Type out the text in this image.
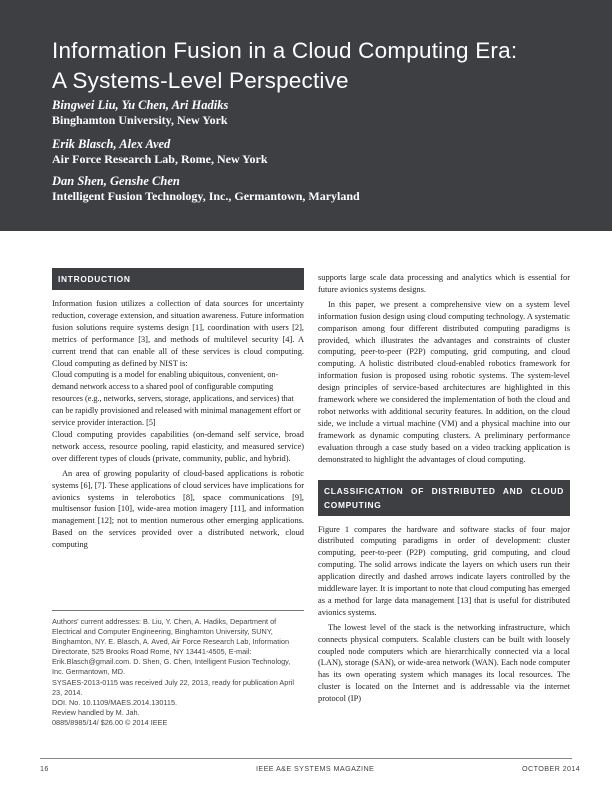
Information Fusion in a Cloud Computing Era:
A Systems-Level Perspective
Bingwei Liu, Yu Chen, Ari Hadiks
Binghamton University, New York
Erik Blasch, Alex Aved
Air Force Research Lab, Rome, New York
Dan Shen, Genshe Chen
Intelligent Fusion Technology, Inc., Germantown, Maryland
INTRODUCTION

Information fusion utilizes a collection of data sources for uncertainty reduction, coverage extension, and situation awareness. Future information fusion solutions require systems design [1], coordination with users [2], metrics of performance [3], and methods of multilevel security [4]. A current trend that can enable all of these services is cloud computing. Cloud computing as defined by NIST is:

Cloud computing is a model for enabling ubiquitous, convenient, on-demand network access to a shared pool of configurable computing resources (e.g., networks, servers, storage, applications, and services) that can be rapidly provisioned and released with minimal management effort or service provider interaction. [5]

Cloud computing provides capabilities (on-demand self service, broad network access, resource pooling, rapid elasticity, and measured service) over different types of clouds (private, community, public, and hybrid).

An area of growing popularity of cloud-based applications is robotic systems [6], [7]. These applications of cloud services have implications for avionics systems in telerobotics [8], space communications [9], multisensor fusion [10], wide-area motion imagery [11], and information management [12]; not to mention numerous other emerging applications. Based on the services provided over a distributed network, cloud computing

Authors' current addresses: B. Liu, Y. Chen, A. Hadiks, Department of Electrical and Computer Engineering, Binghamton University, SUNY, Binghamton, NY. E. Blasch, A. Aved, Air Force Research Lab, Information Directorate, 525 Brooks Road Rome, NY 13441-4505, E-mail: Erik.Blasch@gmail.com. D. Shen, G. Chen, Intelligent Fusion Technology, Inc. Germantown, MD.
SYSAES-2013-0115 was received July 22, 2013, ready for publication April 23, 2014.
DOI. No. 10.1109/MAES.2014.130115.
Review handled by M. Jah.
0885/8985/14/ $26.00 © 2014 IEEE

supports large scale data processing and analytics which is essential for future avionics systems designs.

In this paper, we present a comprehensive view on a system level information fusion design using cloud computing technology. A systematic comparison among four different distributed computing paradigms is provided, which illustrates the advantages and constraints of cluster computing, peer-to-peer (P2P) computing, grid computing, and cloud computing. A holistic distributed cloud-enabled robotics framework for information fusion is proposed using robotic systems. The system-level design principles of service-based architectures are highlighted in this framework where we considered the implementation of both the cloud and robot networks with additional security features. In addition, on the cloud side, we include a virtual machine (VM) and a physical machine into our framework as dynamic computing clusters. A preliminary performance evaluation through a case study based on a video tracking application is demonstrated to highlight the advantages of cloud computing.

CLASSIFICATION OF DISTRIBUTED AND CLOUD COMPUTING

Figure 1 compares the hardware and software stacks of four major distributed computing paradigms in order of development: cluster computing, peer-to-peer (P2P) computing, grid computing, and cloud computing. The solid arrows indicate the layers on which users run their application directly and dashed arrows indicate layers controlled by the middleware layer. It is important to note that cloud computing has emerged as a method for large data management [13] that is useful for distributed avionics systems.

The lowest level of the stack is the networking infrastructure, which connects physical computers. Scalable clusters can be built with loosely coupled node computers which are hierarchically connected via a local (LAN), storage (SAN), or wide-area network (WAN). Each node computer has its own operating system which manages its local resources. The cluster is located on the Internet and is addressable via the internet protocol (IP)

16	IEEE A&E SYSTEMS MAGAZINE	OCTOBER 2014
